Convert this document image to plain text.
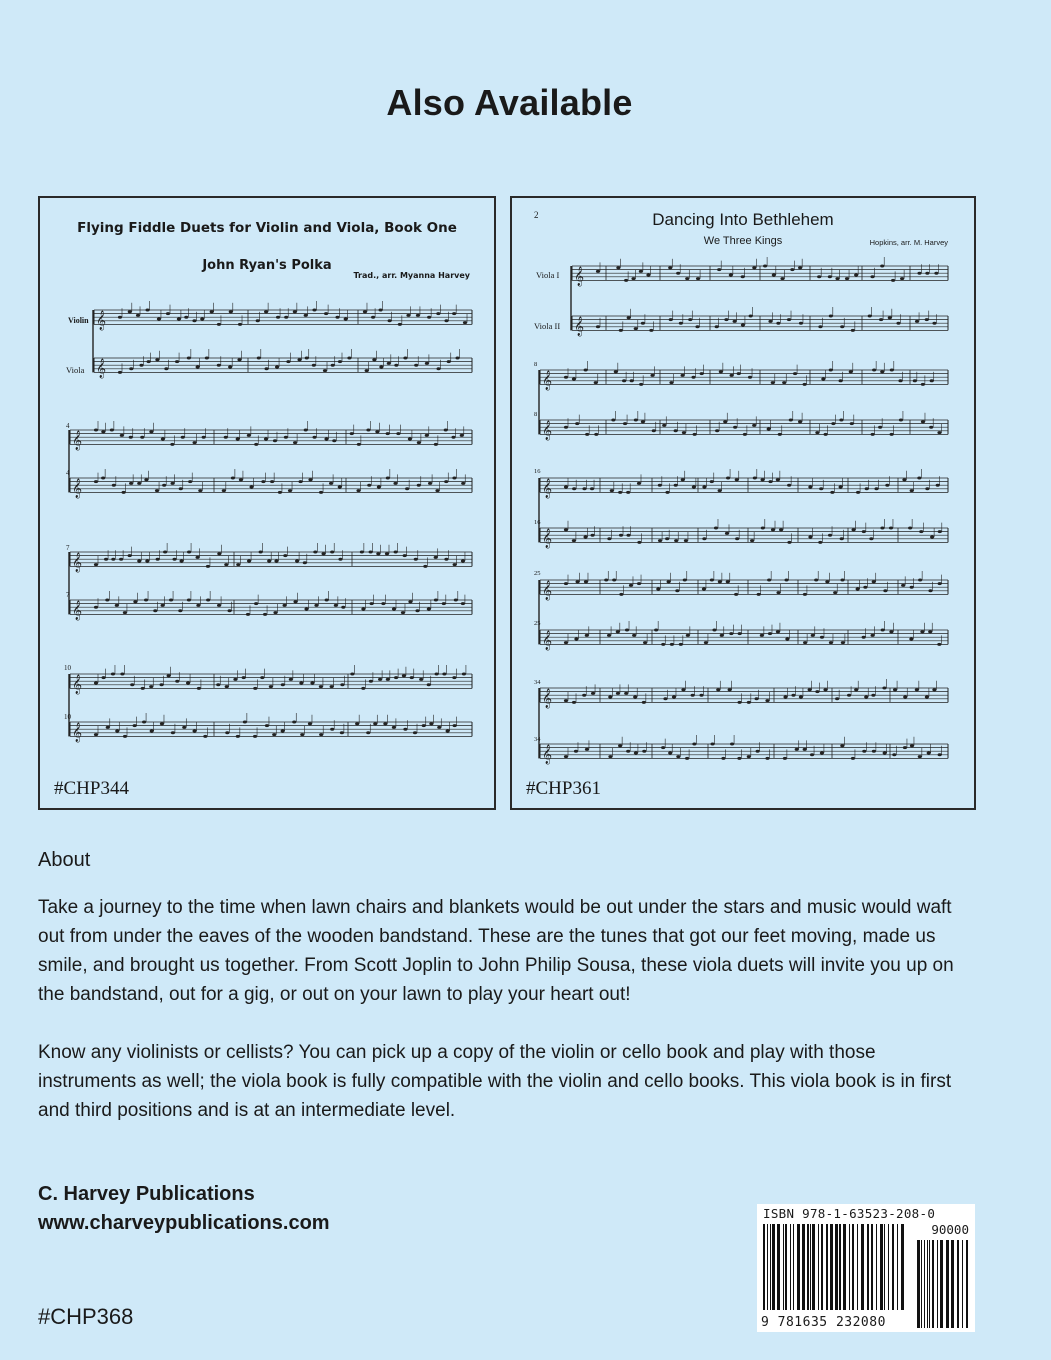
Also Available
𝄞
𝄞
𝄞
𝄞
𝄞
𝄞
𝄞
𝄞
Flying Fiddle Duets for Violin and Viola, Book One
John Ryan's Polka
Trad., arr. Myanna Harvey
Violin
Viola
4
4
7
7
10
10
#CHP344
𝄞
𝄞
𝄞
𝄞
𝄞
𝄞
𝄞
𝄞
𝄞
𝄞
2	Dancing Into Bethlehem
We Three Kings	Hopkins, arr. M. Harvey
Viola I
Viola II
8
8
16
16
25
25
34
34
#CHP361
About

Take a journey to the time when lawn chairs and blankets would be out under the stars and music would waft out from under the eaves of the wooden bandstand. These are the tunes that got our feet moving, made us smile, and brought us together. From Scott Joplin to John Philip Sousa, these viola duets will invite you up on the bandstand, out for a gig, or out on your lawn to play your heart out!

Know any violinists or cellists? You can pick up a copy of the violin or cello book and play with those instruments as well; the viola book is fully compatible with the violin and cello books. This viola book is in first and third positions and is at an intermediate level.

C. Harvey Publications
www.charveypublications.com
#CHP368
ISBN 978-1-63523-208-0
90000
9 781635 232080
